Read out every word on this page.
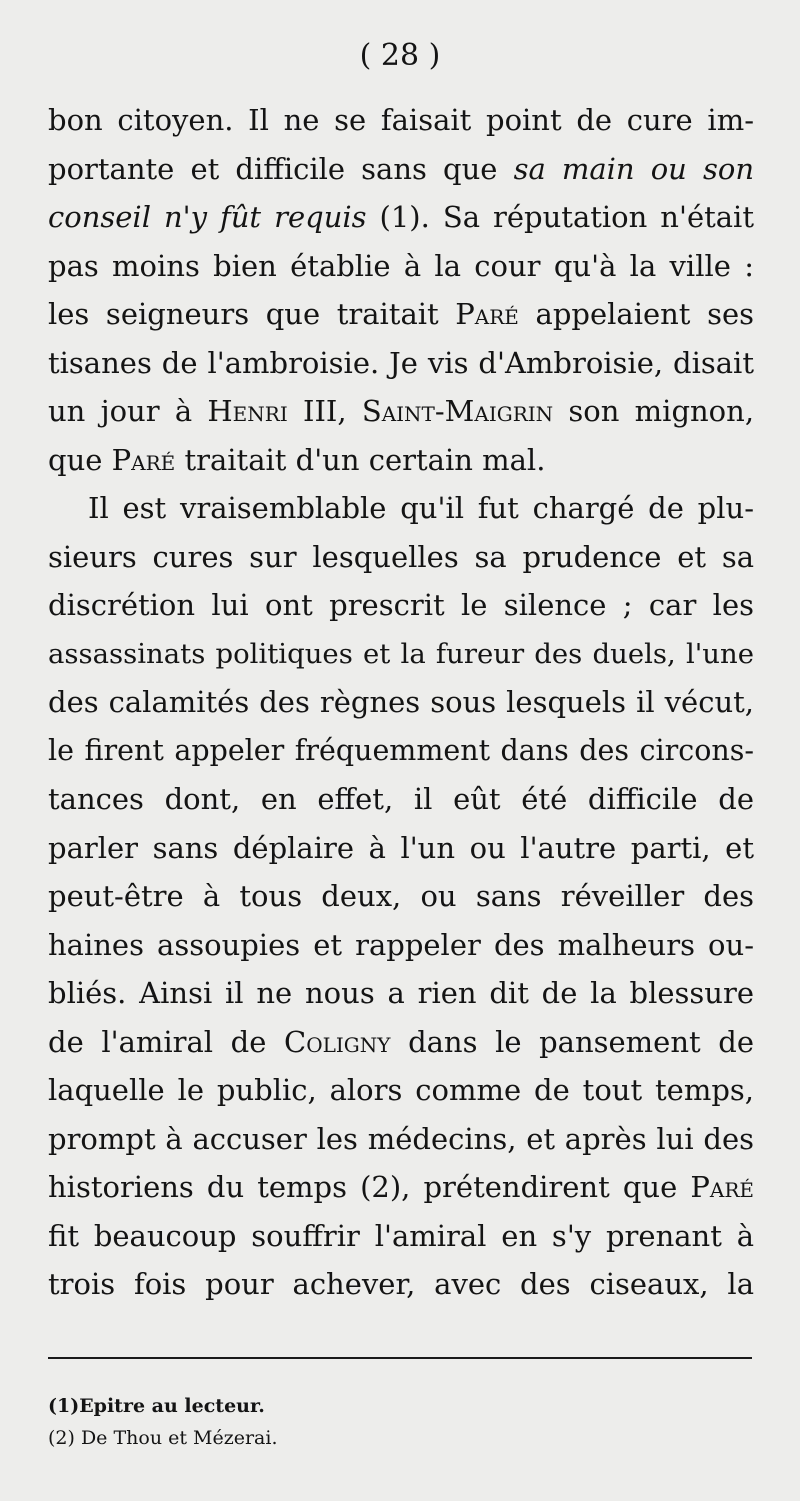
( 28 )
bon citoyen. Il ne se faisait point de cure im-
portante et difficile sans que sa main ou son
conseil n'y fût requis (1). Sa réputation n'était
pas moins bien établie à la cour qu'à la ville :
les seigneurs que traitait Paré appelaient ses
tisanes de l'ambroisie. Je vis d'Ambroisie, disait
un jour à Henri III, Saint-Maigrin son mignon,
que Paré traitait d'un certain mal.
Il est vraisemblable qu'il fut chargé de plu-
sieurs cures sur lesquelles sa prudence et sa
discrétion lui ont prescrit le silence ; car les
assassinats politiques et la fureur des duels, l'une
des calamités des règnes sous lesquels il vécut,
le firent appeler fréquemment dans des circons-
tances dont, en effet, il eût été difficile de
parler sans déplaire à l'un ou l'autre parti, et
peut-être à tous deux, ou sans réveiller des
haines assoupies et rappeler des malheurs ou-
bliés. Ainsi il ne nous a rien dit de la blessure
de l'amiral de Coligny dans le pansement de
laquelle le public, alors comme de tout temps,
prompt à accuser les médecins, et après lui des
historiens du temps (2), prétendirent que Paré
fit beaucoup souffrir l'amiral en s'y prenant à
trois fois pour achever, avec des ciseaux, la
(1)Epitre au lecteur.
(2) De Thou et Mézerai.
